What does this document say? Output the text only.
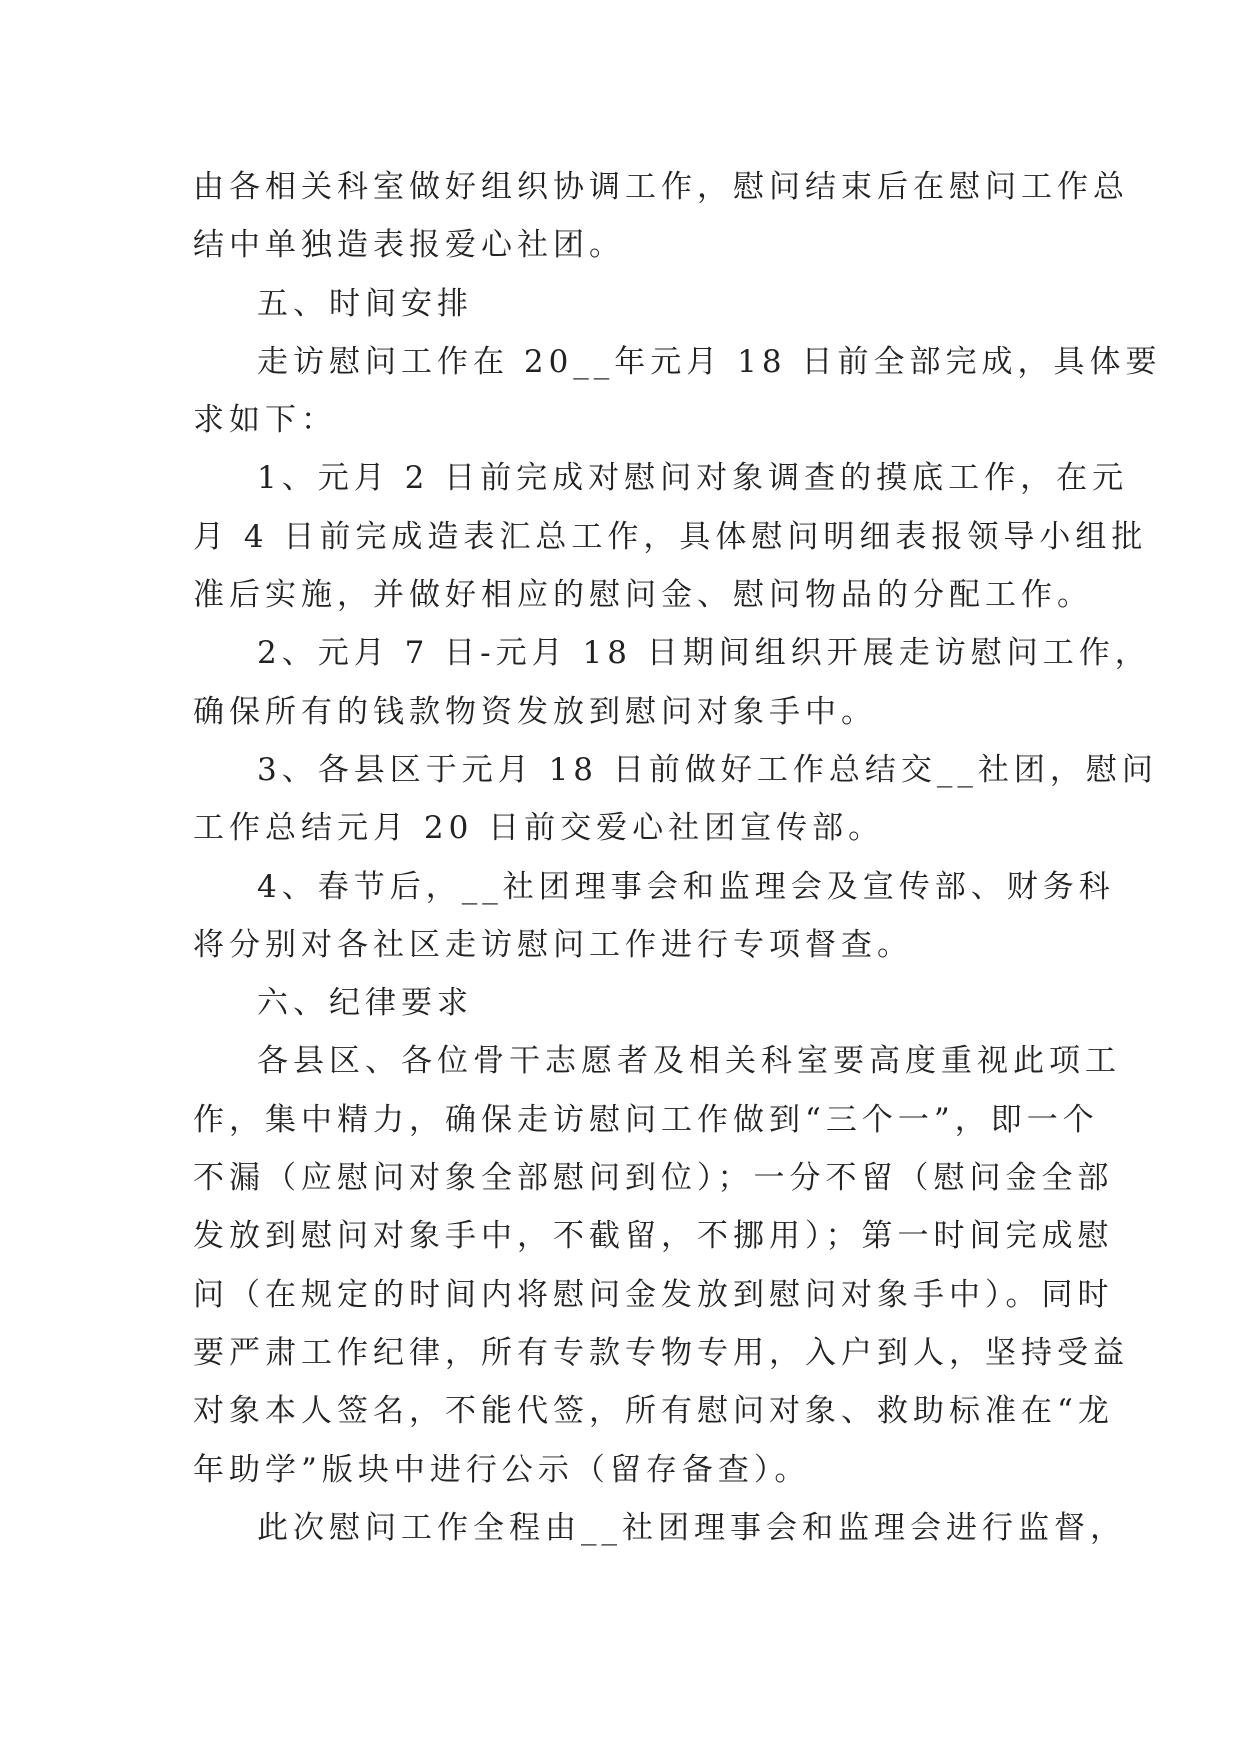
由各相关科室做好组织协调工作，慰问结束后在慰问工作总
结中单独造表报爱心社团。
五、时间安排
走访慰问工作在 20__年元月 18 日前全部完成，具体要
求如下：
1、元月 2 日前完成对慰问对象调查的摸底工作，在元
月 4 日前完成造表汇总工作，具体慰问明细表报领导小组批
准后实施，并做好相应的慰问金、慰问物品的分配工作。
2、元月 7 日-元月 18 日期间组织开展走访慰问工作，
确保所有的钱款物资发放到慰问对象手中。
3、各县区于元月 18 日前做好工作总结交__社团，慰问
工作总结元月 20 日前交爱心社团宣传部。
4、春节后，__社团理事会和监理会及宣传部、财务科
将分别对各社区走访慰问工作进行专项督查。
六、纪律要求
各县区、各位骨干志愿者及相关科室要高度重视此项工
作，集中精力，确保走访慰问工作做到“三个一”，即一个
不漏（应慰问对象全部慰问到位）；一分不留（慰问金全部
发放到慰问对象手中，不截留，不挪用）；第一时间完成慰
问（在规定的时间内将慰问金发放到慰问对象手中）。同时
要严肃工作纪律，所有专款专物专用，入户到人，坚持受益
对象本人签名，不能代签，所有慰问对象、救助标准在“龙
年助学”版块中进行公示（留存备查）。
此次慰问工作全程由__社团理事会和监理会进行监督，
